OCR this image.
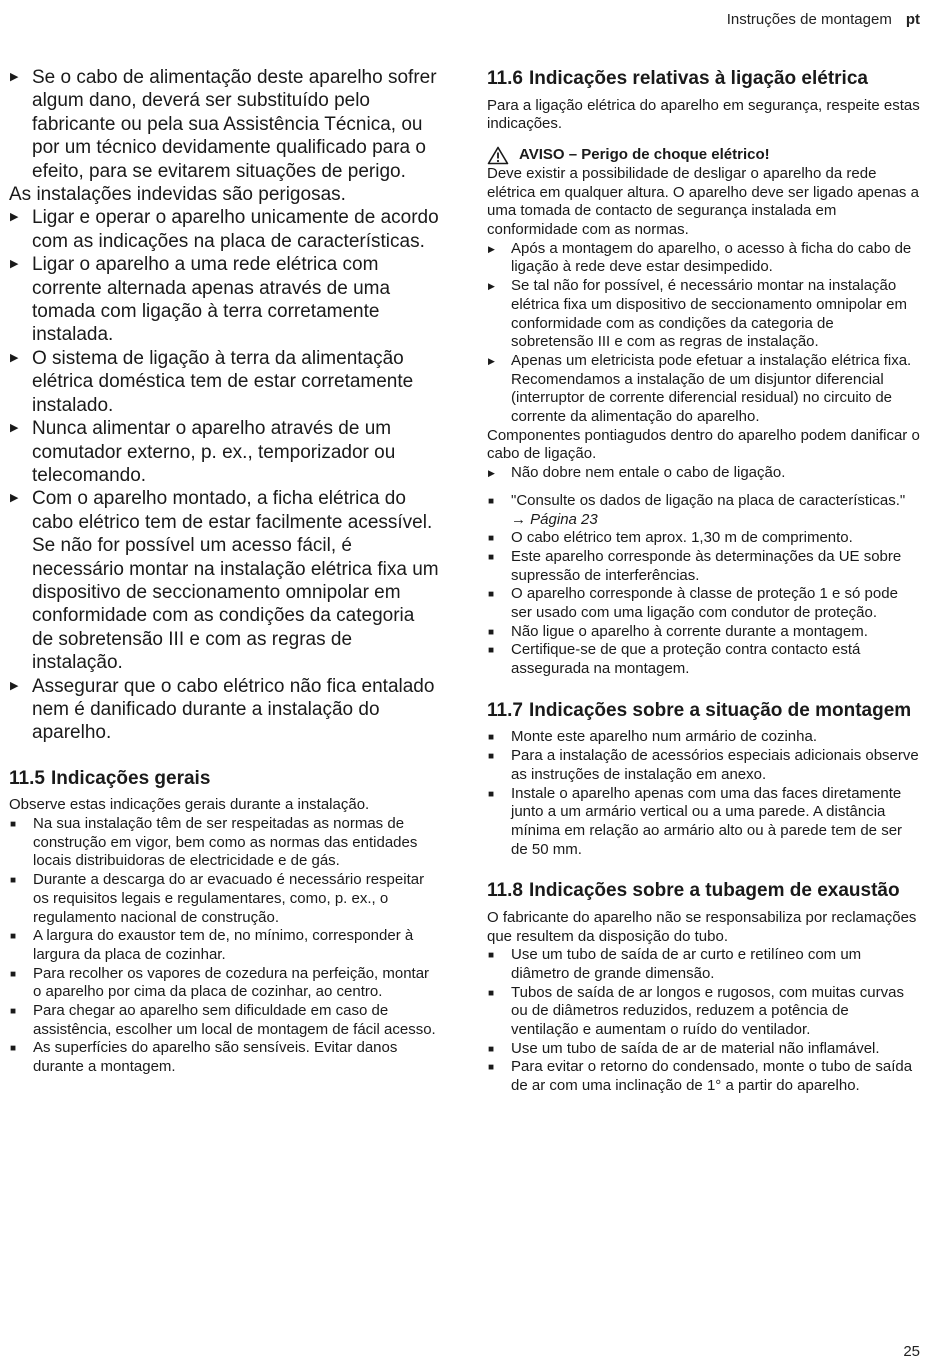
Instruções de montagem pt
▶ Se o cabo de alimentação deste aparelho sofrer algum dano, deverá ser substituído pelo fabricante ou pela sua Assistência Técnica, ou por um técnico devidamente qualificado para o efeito, para se evitarem situações de perigo.

As instalações indevidas são perigosas.

▶ Ligar e operar o aparelho unicamente de acordo com as indicações na placa de características.
▶ Ligar o aparelho a uma rede elétrica com corrente alternada apenas através de uma tomada com ligação à terra corretamente instalada.
▶ O sistema de ligação à terra da alimentação elétrica doméstica tem de estar corretamente instalado.
▶ Nunca alimentar o aparelho através de um comutador externo, p. ex., temporizador ou telecomando.
▶ Com o aparelho montado, a ficha elétrica do cabo elétrico tem de estar facilmente acessível. Se não for possível um acesso fácil, é necessário montar na instalação elétrica fixa um dispositivo de seccionamento omnipolar em conformidade com as condições da categoria de sobretensão III e com as regras de instalação.
▶ Assegurar que o cabo elétrico não fica entalado nem é danificado durante a instalação do aparelho.
11.5 Indicações gerais

Observe estas indicações gerais durante a instalação.

■ Na sua instalação têm de ser respeitadas as normas de construção em vigor, bem como as normas das entidades locais distribuidoras de electricidade e de gás.
■ Durante a descarga do ar evacuado é necessário respeitar os requisitos legais e regulamentares, como, p. ex., o regulamento nacional de construção.
■ A largura do exaustor tem de, no mínimo, corresponder à largura da placa de cozinhar.
■ Para recolher os vapores de cozedura na perfeição, montar o aparelho por cima da placa de cozinhar, ao centro.
■ Para chegar ao aparelho sem dificuldade em caso de assistência, escolher um local de montagem de fácil acesso.
■ As superfícies do aparelho são sensíveis. Evitar danos durante a montagem.
11.6 Indicações relativas à ligação elétrica

Para a ligação elétrica do aparelho em segurança, respeite estas indicações.

AVISO – Perigo de choque elétrico!

Deve existir a possibilidade de desligar o aparelho da rede elétrica em qualquer altura. O aparelho deve ser ligado apenas a uma tomada de contacto de segurança instalada em conformidade com as normas.

▶ Após a montagem do aparelho, o acesso à ficha do cabo de ligação à rede deve estar desimpedido.
▶ Se tal não for possível, é necessário montar na instalação elétrica fixa um dispositivo de seccionamento omnipolar em conformidade com as condições da categoria de sobretensão III e com as regras de instalação.
▶ Apenas um eletricista pode efetuar a instalação elétrica fixa. Recomendamos a instalação de um disjuntor diferencial (interruptor de corrente diferencial residual) no circuito de corrente da alimentação do aparelho.

Componentes pontiagudos dentro do aparelho podem danificar o cabo de ligação.

▶ Não dobre nem entale o cabo de ligação.
■ "Consulte os dados de ligação na placa de características." → Página 23
■ O cabo elétrico tem aprox. 1,30 m de comprimento.
■ Este aparelho corresponde às determinações da UE sobre supressão de interferências.
■ O aparelho corresponde à classe de proteção 1 e só pode ser usado com uma ligação com condutor de proteção.
■ Não ligue o aparelho à corrente durante a montagem.
■ Certifique-se de que a proteção contra contacto está assegurada na montagem.
11.7 Indicações sobre a situação de montagem
■ Monte este aparelho num armário de cozinha.
■ Para a instalação de acessórios especiais adicionais observe as instruções de instalação em anexo.
■ Instale o aparelho apenas com uma das faces diretamente junto a um armário vertical ou a uma parede. A distância mínima em relação ao armário alto ou à parede tem de ser de 50 mm.
11.8 Indicações sobre a tubagem de exaustão

O fabricante do aparelho não se responsabiliza por reclamações que resultem da disposição do tubo.

■ Use um tubo de saída de ar curto e retilíneo com um diâmetro de grande dimensão.
■ Tubos de saída de ar longos e rugosos, com muitas curvas ou de diâmetros reduzidos, reduzem a potência de ventilação e aumentam o ruído do ventilador.
■ Use um tubo de saída de ar de material não inflamável.
■ Para evitar o retorno do condensado, monte o tubo de saída de ar com uma inclinação de 1° a partir do aparelho.
25
